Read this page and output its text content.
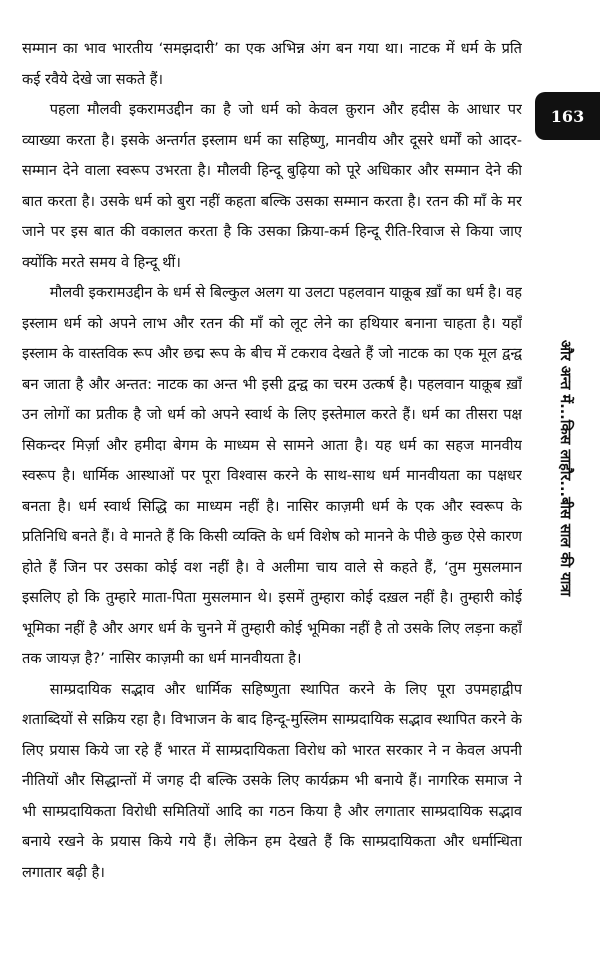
सम्मान का भाव भारतीय ‘समझदारी’ का एक अभिन्न अंग बन गया था। नाटक में धर्म के प्रति कई रवैये देखे जा सकते हैं।

पहला मौलवी इकरामउद्दीन का है जो धर्म को केवल क़ुरान और हदीस के आधार पर व्याख्या करता है। इसके अन्तर्गत इस्लाम धर्म का सहिष्णु, मानवीय और दूसरे धर्मों को आदर-सम्मान देने वाला स्वरूप उभरता है। मौलवी हिन्दू बुढ़िया को पूरे अधिकार और सम्मान देने की बात करता है। उसके धर्म को बुरा नहीं कहता बल्कि उसका सम्मान करता है। रतन की माँ के मर जाने पर इस बात की वकालत करता है कि उसका क्रिया-कर्म हिन्दू रीति-रिवाज से किया जाए क्योंकि मरते समय वे हिन्दू थीं।

मौलवी इकरामउद्दीन के धर्म से बिल्कुल अलग या उलटा पहलवान याक़ूब ख़ाँ का धर्म है। वह इस्लाम धर्म को अपने लाभ और रतन की माँ को लूट लेने का हथियार बनाना चाहता है। यहाँ इस्लाम के वास्तविक रूप और छद्म रूप के बीच में टकराव देखते हैं जो नाटक का एक मूल द्वन्द्व बन जाता है और अन्तत: नाटक का अन्त भी इसी द्वन्द्व का चरम उत्कर्ष है। पहलवान याक़ूब ख़ाँ उन लोगों का प्रतीक है जो धर्म को अपने स्वार्थ के लिए इस्तेमाल करते हैं। धर्म का तीसरा पक्ष सिकन्दर मिर्ज़ा और हमीदा बेगम के माध्यम से सामने आता है। यह धर्म का सहज मानवीय स्वरूप है। धार्मिक आस्थाओं पर पूरा विश्वास करने के साथ-साथ धर्म मानवीयता का पक्षधर बनता है। धर्म स्वार्थ सिद्धि का माध्यम नहीं है। नासिर काज़मी धर्म के एक और स्वरूप के प्रतिनिधि बनते हैं। वे मानते हैं कि किसी व्यक्ति के धर्म विशेष को मानने के पीछे कुछ ऐसे कारण होते हैं जिन पर उसका कोई वश नहीं है। वे अलीमा चाय वाले से कहते हैं, ‘तुम मुसलमान इसलिए हो कि तुम्हारे माता-पिता मुसलमान थे। इसमें तुम्हारा कोई दख़ल नहीं है। तुम्हारी कोई भूमिका नहीं है और अगर धर्म के चुनने में तुम्हारी कोई भूमिका नहीं है तो उसके लिए लड़ना कहाँ तक जायज़ है?’ नासिर काज़मी का धर्म मानवीयता है।

साम्प्रदायिक सद्भाव और धार्मिक सहिष्णुता स्थापित करने के लिए पूरा उपमहाद्वीप शताब्दियों से सक्रिय रहा है। विभाजन के बाद हिन्दू-मुस्लिम साम्प्रदायिक सद्भाव स्थापित करने के लिए प्रयास किये जा रहे हैं भारत में साम्प्रदायिकता विरोध को भारत सरकार ने न केवल अपनी नीतियों और सिद्धान्तों में जगह दी बल्कि उसके लिए कार्यक्रम भी बनाये हैं। नागरिक समाज ने भी साम्प्रदायिकता विरोधी समितियों आदि का गठन किया है और लगातार साम्प्रदायिक सद्भाव बनाये रखने के प्रयास किये गये हैं। लेकिन हम देखते हैं कि साम्प्रदायिकता और धर्मान्धिता लगातार बढ़ी है।

163
और अन्त में...किस लाहौर...बीस साल की यात्रा
